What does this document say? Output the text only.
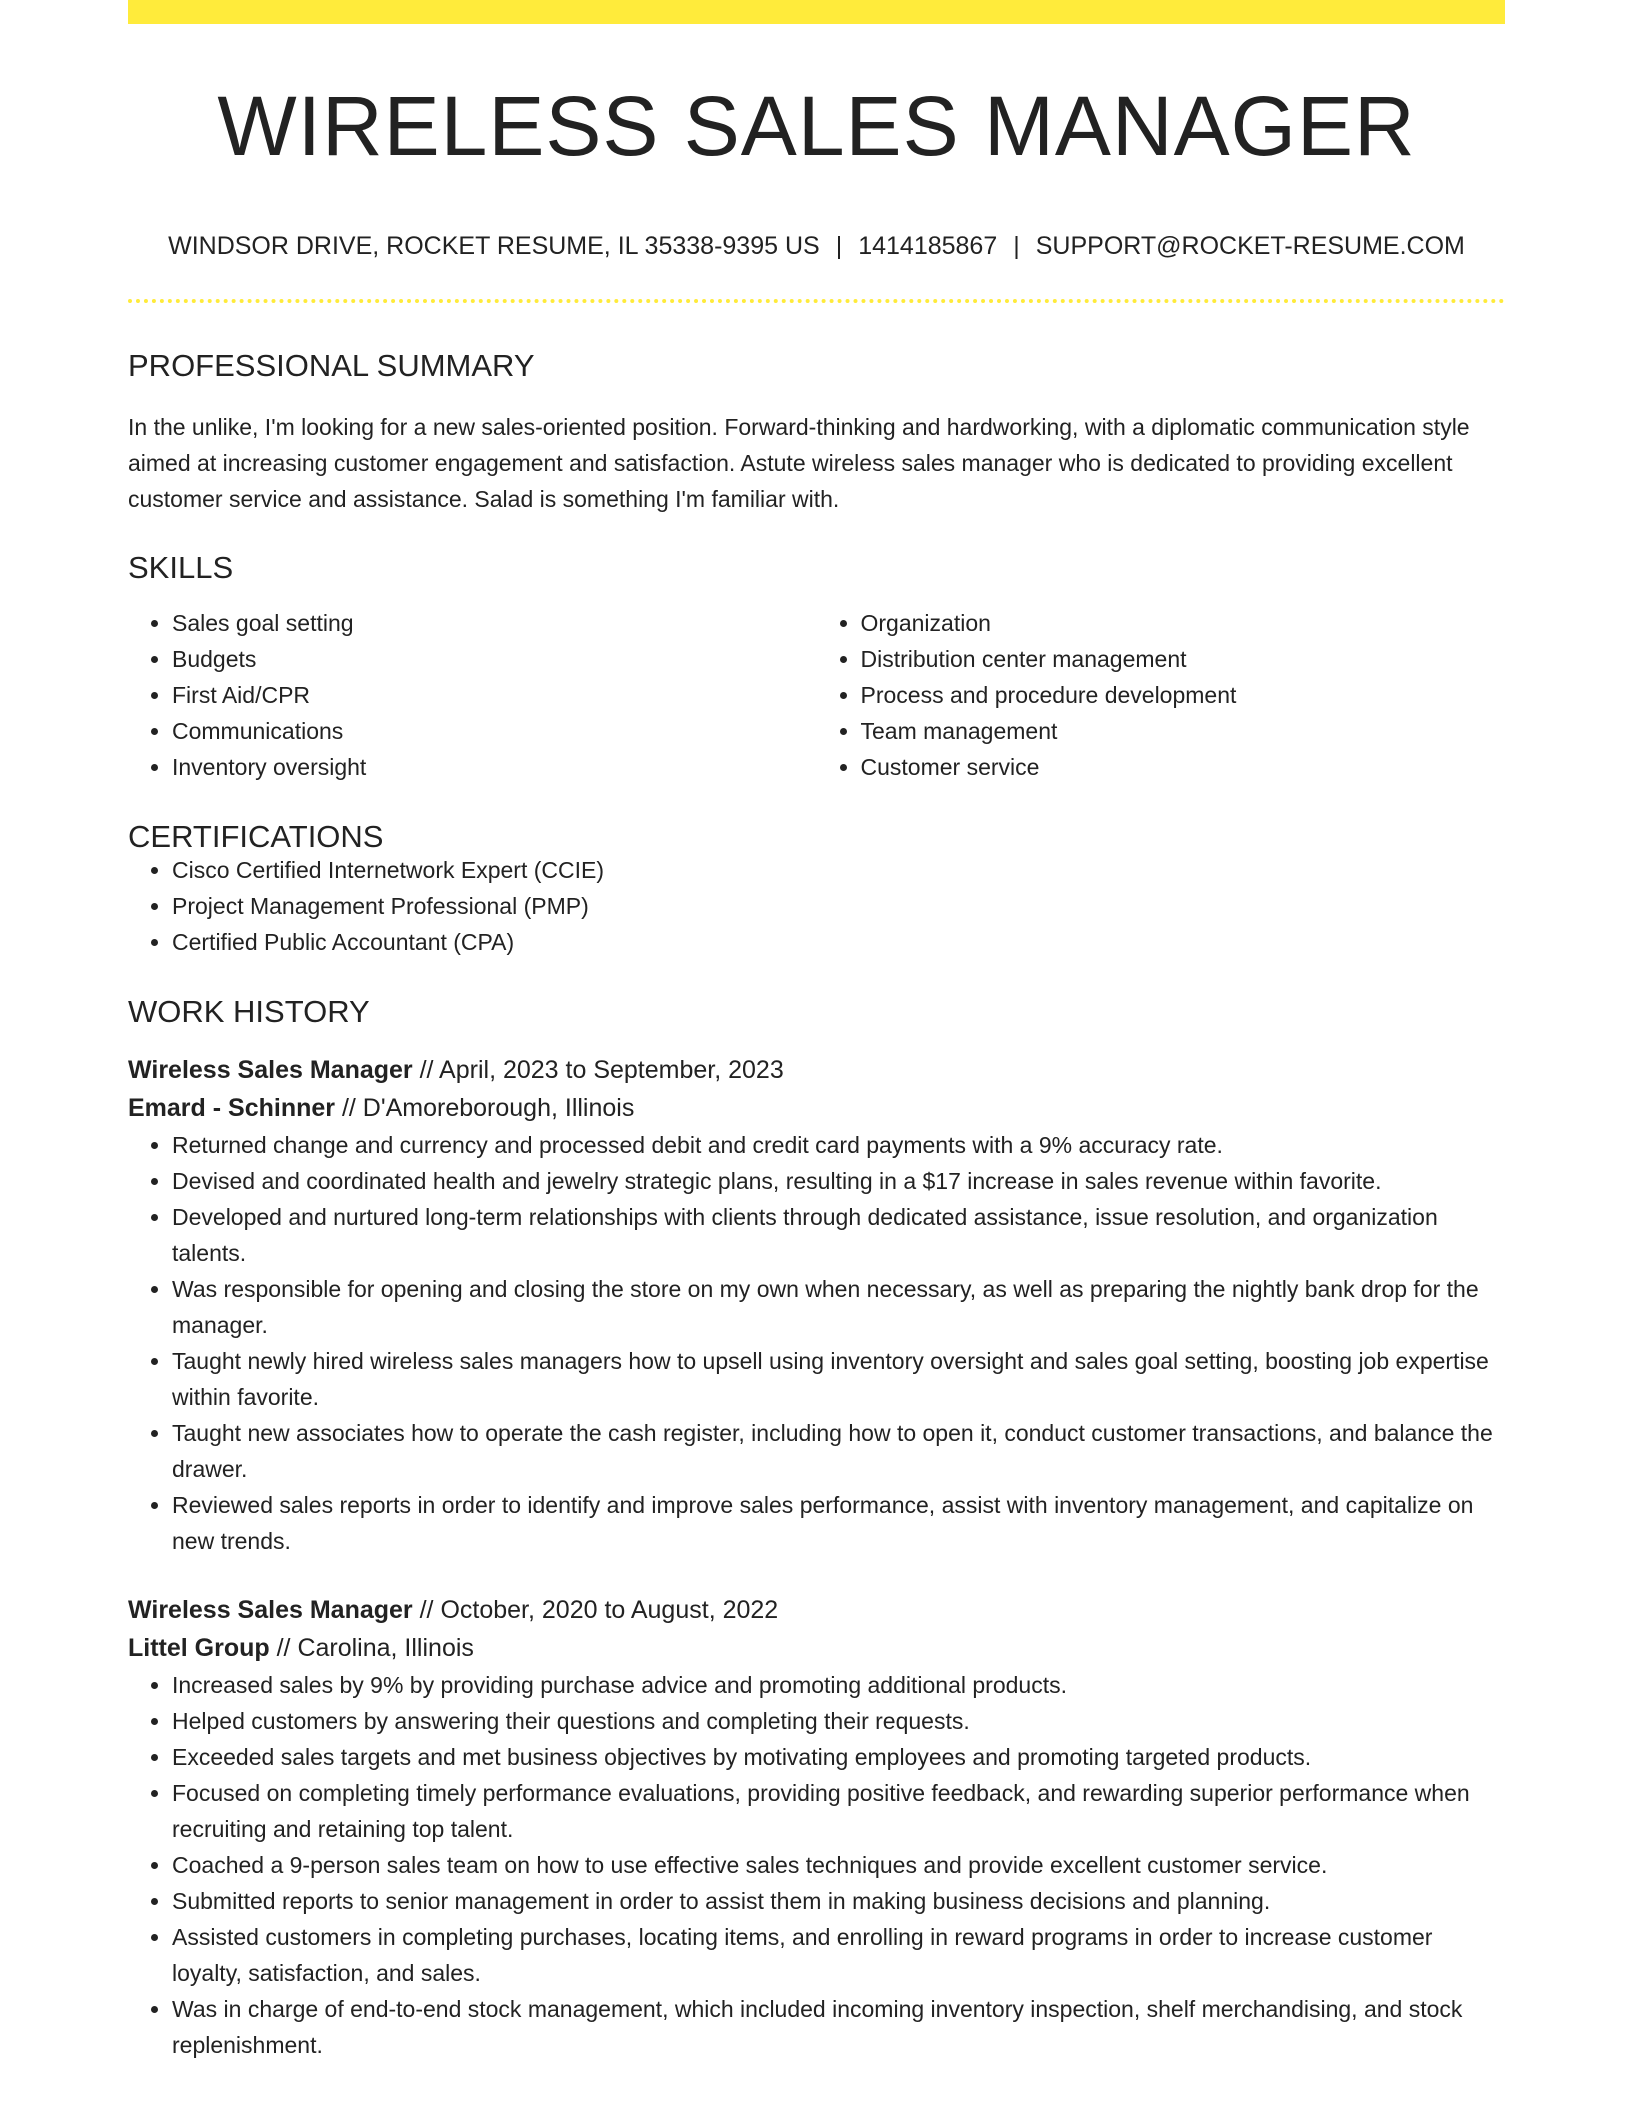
WIRELESS SALES MANAGER
WINDSOR DRIVE, ROCKET RESUME, IL 35338-9395 US | 1414185867 | SUPPORT@ROCKET-RESUME.COM
PROFESSIONAL SUMMARY
In the unlike, I'm looking for a new sales-oriented position. Forward-thinking and hardworking, with a diplomatic communication style aimed at increasing customer engagement and satisfaction. Astute wireless sales manager who is dedicated to providing excellent customer service and assistance. Salad is something I'm familiar with.
SKILLS
• Sales goal setting
• Budgets
• First Aid/CPR
• Communications
• Inventory oversight
• Organization
• Distribution center management
• Process and procedure development
• Team management
• Customer service
CERTIFICATIONS
• Cisco Certified Internetwork Expert (CCIE)
• Project Management Professional (PMP)
• Certified Public Accountant (CPA)
WORK HISTORY
Wireless Sales Manager // April, 2023 to September, 2023
Emard - Schinner // D'Amoreborough, Illinois
• Returned change and currency and processed debit and credit card payments with a 9% accuracy rate.
• Devised and coordinated health and jewelry strategic plans, resulting in a $17 increase in sales revenue within favorite.
• Developed and nurtured long-term relationships with clients through dedicated assistance, issue resolution, and organization talents.
• Was responsible for opening and closing the store on my own when necessary, as well as preparing the nightly bank drop for the manager.
• Taught newly hired wireless sales managers how to upsell using inventory oversight and sales goal setting, boosting job expertise within favorite.
• Taught new associates how to operate the cash register, including how to open it, conduct customer transactions, and balance the drawer.
• Reviewed sales reports in order to identify and improve sales performance, assist with inventory management, and capitalize on new trends.
Wireless Sales Manager // October, 2020 to August, 2022
Littel Group // Carolina, Illinois
• Increased sales by 9% by providing purchase advice and promoting additional products.
• Helped customers by answering their questions and completing their requests.
• Exceeded sales targets and met business objectives by motivating employees and promoting targeted products.
• Focused on completing timely performance evaluations, providing positive feedback, and rewarding superior performance when recruiting and retaining top talent.
• Coached a 9-person sales team on how to use effective sales techniques and provide excellent customer service.
• Submitted reports to senior management in order to assist them in making business decisions and planning.
• Assisted customers in completing purchases, locating items, and enrolling in reward programs in order to increase customer loyalty, satisfaction, and sales.
• Was in charge of end-to-end stock management, which included incoming inventory inspection, shelf merchandising, and stock replenishment.
